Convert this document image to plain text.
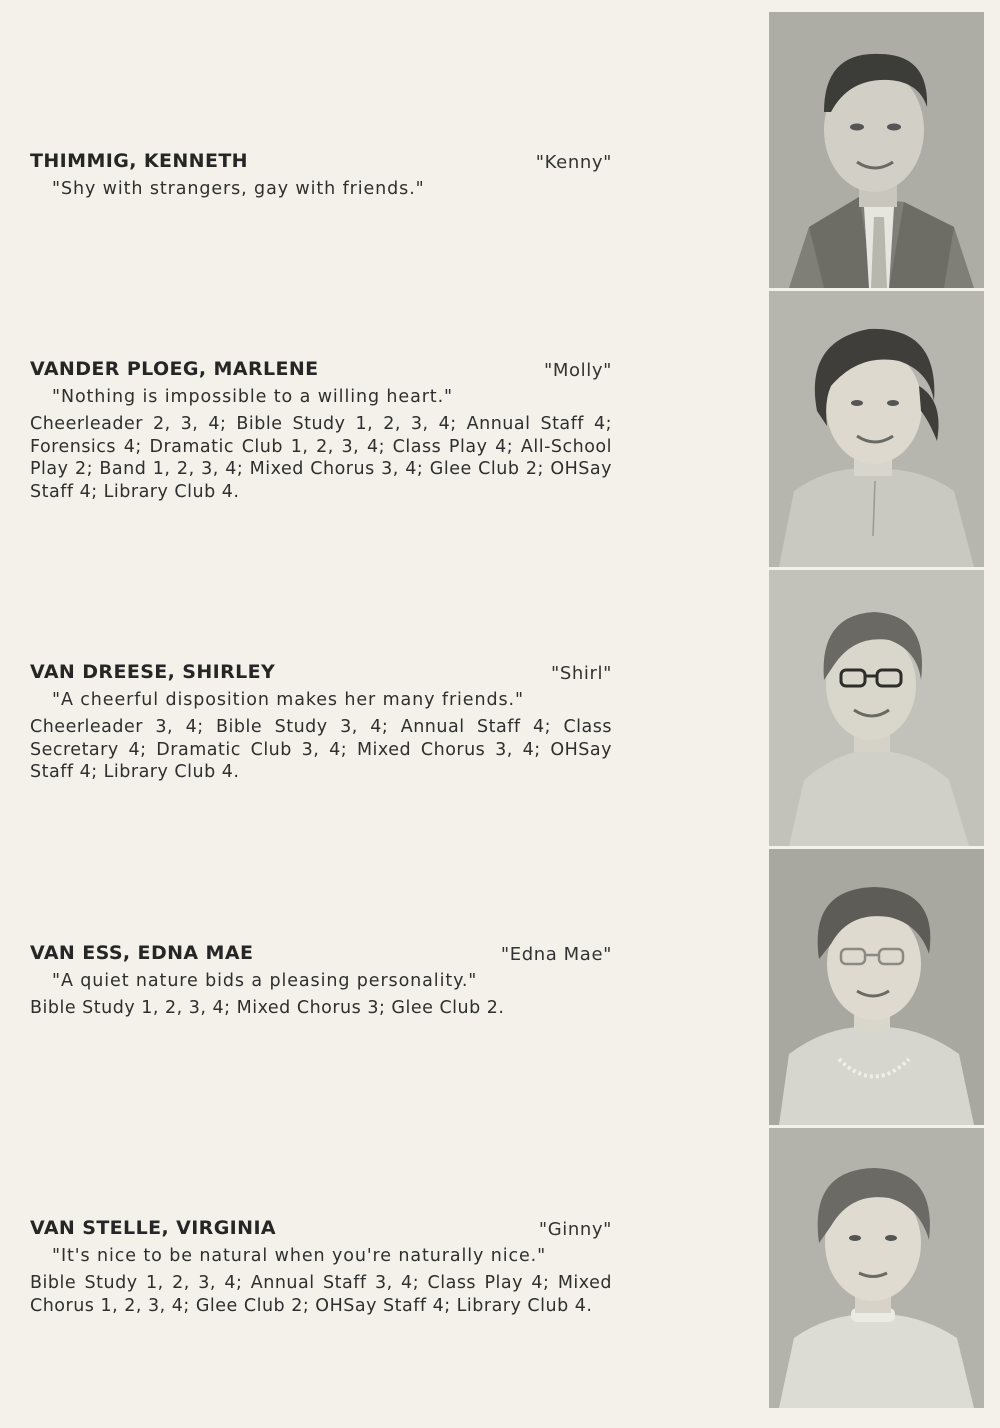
THIMMIG, KENNETH	"Kenny"
"Shy with strangers, gay with friends."
VANDER PLOEG, MARLENE	"Molly"
"Nothing is impossible to a willing heart."
Cheerleader 2, 3, 4; Bible Study 1, 2, 3, 4; Annual Staff 4; Forensics 4; Dramatic Club 1, 2, 3, 4; Class Play 4; All-School Play 2; Band 1, 2, 3, 4; Mixed Chorus 3, 4; Glee Club 2; OHSay Staff 4; Library Club 4.
VAN DREESE, SHIRLEY	"Shirl"
"A cheerful disposition makes her many friends."
Cheerleader 3, 4; Bible Study 3, 4; Annual Staff 4; Class Secretary 4; Dramatic Club 3, 4; Mixed Chorus 3, 4; OHSay Staff 4; Library Club 4.
VAN ESS, EDNA MAE	"Edna Mae"
"A quiet nature bids a pleasing personality."
Bible Study 1, 2, 3, 4; Mixed Chorus 3; Glee Club 2.
VAN STELLE, VIRGINIA	"Ginny"
"It's nice to be natural when you're naturally nice."
Bible Study 1, 2, 3, 4; Annual Staff 3, 4; Class Play 4; Mixed Chorus 1, 2, 3, 4; Glee Club 2; OHSay Staff 4; Library Club 4.
